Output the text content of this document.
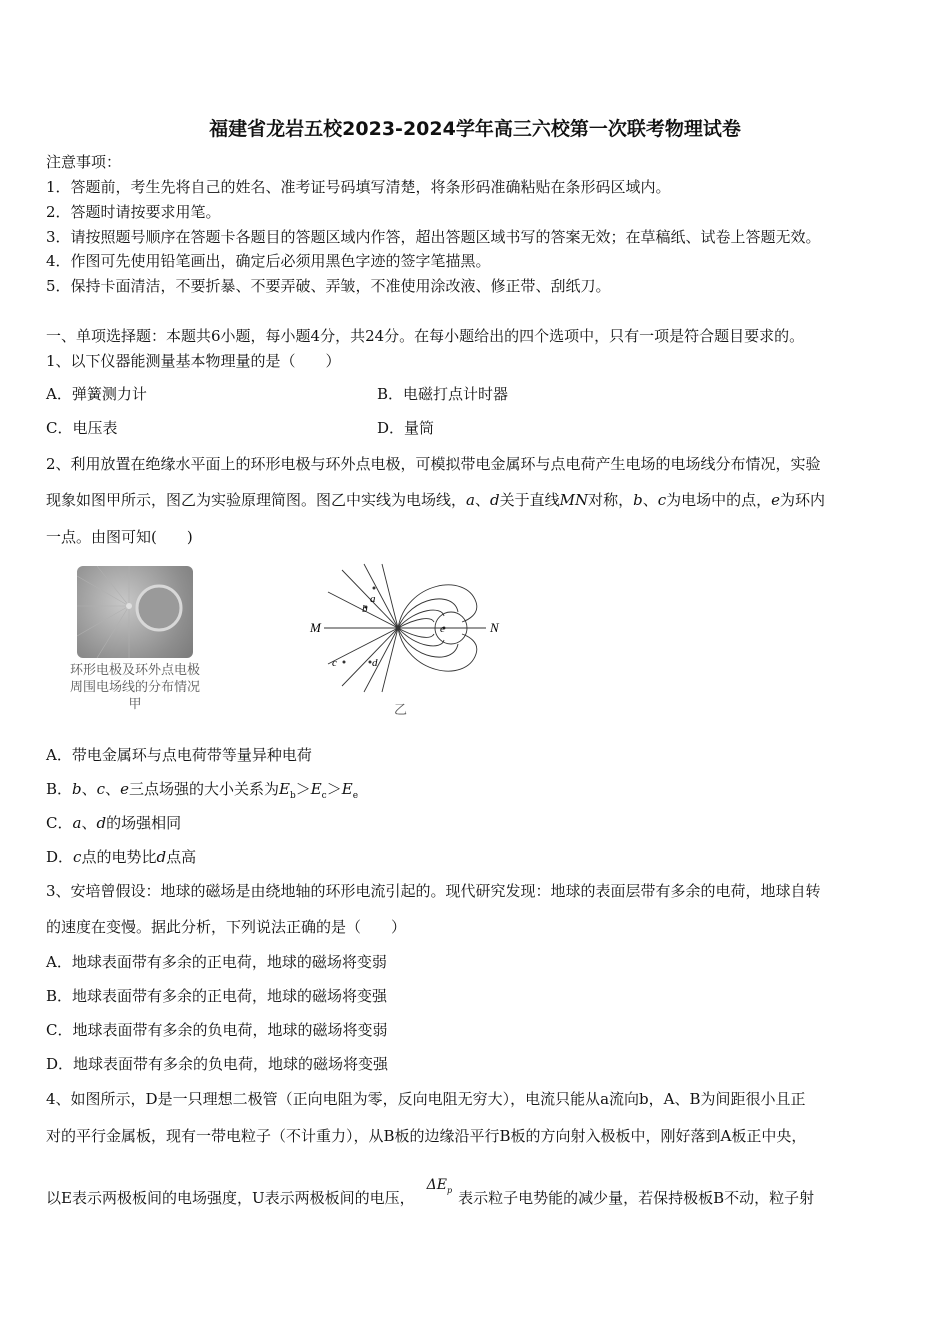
福建省龙岩五校2023-2024学年高三六校第一次联考物理试卷
注意事项：
1．答题前，考生先将自己的姓名、准考证号码填写清楚，将条形码准确粘贴在条形码区域内。
2．答题时请按要求用笔。
3．请按照题号顺序在答题卡各题目的答题区域内作答，超出答题区域书写的答案无效；在草稿纸、试卷上答题无效。
4．作图可先使用铅笔画出，确定后必须用黑色字迹的签字笔描黑。
5．保持卡面清洁，不要折暴、不要弄破、弄皱，不准使用涂改液、修正带、刮纸刀。
一、单项选择题：本题共6小题，每小题4分，共24分。在每小题给出的四个选项中，只有一项是符合题目要求的。
1、以下仪器能测量基本物理量的是（　　）
A．弹簧测力计	B．电磁打点计时器
C．电压表	D．量筒
2、利用放置在绝缘水平面上的环形电极与环外点电极，可模拟带电金属环与点电荷产生电场的电场线分布情况，实验
现象如图甲所示，图乙为实验原理简图。图乙中实线为电场线，a、d关于直线MN对称，b、c为电场中的点，e为环内
一点。由图可知(　　)
环形电极及环外点电极
周围电场线的分布情况
甲
M	N
a
b
c	d
e
乙
A．带电金属环与点电荷带等量异种电荷
B．b、c、e三点场强的大小关系为$E_b>E_c>E_e$
C．a、d的场强相同
D．c点的电势比d点高
3、安培曾假设：地球的磁场是由绕地轴的环形电流引起的。现代研究发现：地球的表面层带有多余的电荷，地球自转
的速度在变慢。据此分析，下列说法正确的是（　　）
A．地球表面带有多余的正电荷，地球的磁场将变弱
B．地球表面带有多余的正电荷，地球的磁场将变强
C．地球表面带有多余的负电荷，地球的磁场将变弱
D．地球表面带有多余的负电荷，地球的磁场将变强
4、如图所示，D是一只理想二极管（正向电阻为零，反向电阻无穷大），电流只能从a流向b，A、B为间距很小且正
对的平行金属板，现有一带电粒子（不计重力），从B板的边缘沿平行B板的方向射入极板中，刚好落到A板正中央，
以E表示两极板间的电场强度，U表示两极板间的电压，$\Delta E_p$ 表示粒子电势能的减少量，若保持极板B不动，粒子射
